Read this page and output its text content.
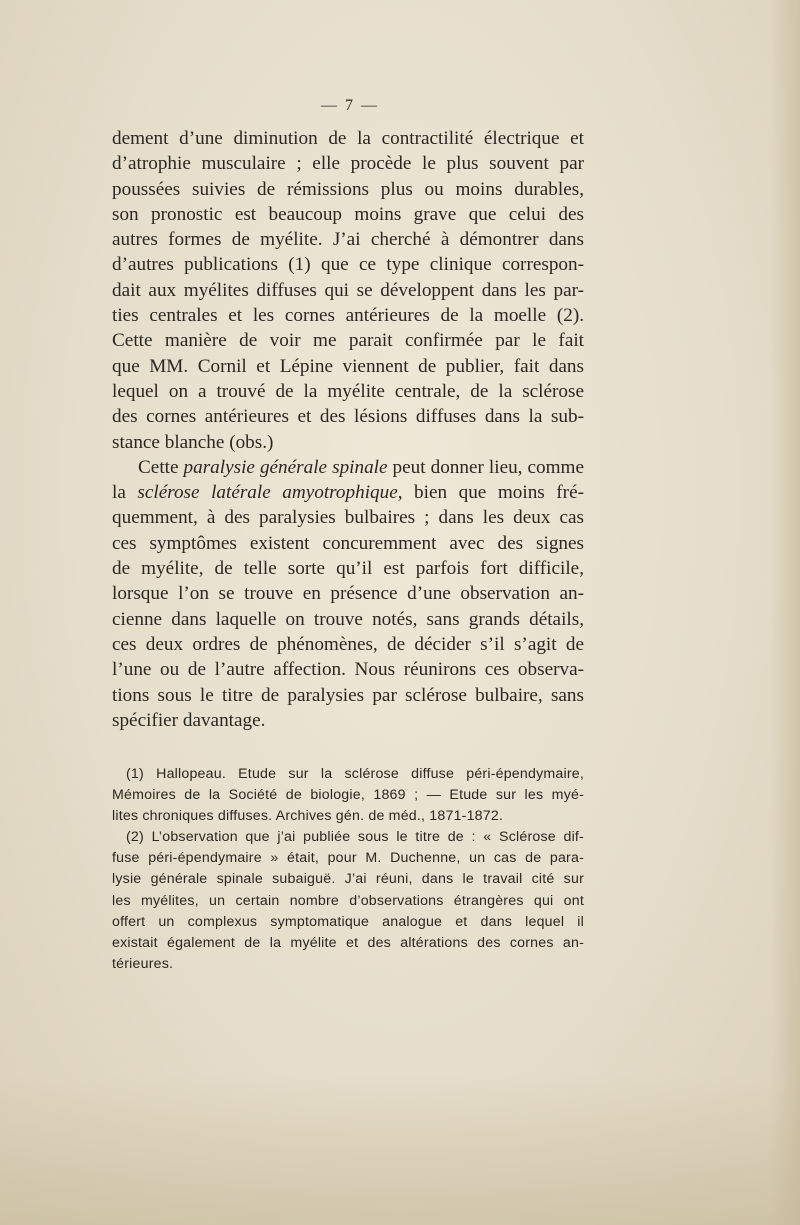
— 7 —

dement d’une diminution de la contractilité électrique et
d’atrophie musculaire ; elle procède le plus souvent par
poussées suivies de rémissions plus ou moins durables,
son pronostic est beaucoup moins grave que celui des
autres formes de myélite. J’ai cherché à démontrer dans
d’autres publications (1) que ce type clinique correspon-
dait aux myélites diffuses qui se développent dans les par-
ties centrales et les cornes antérieures de la moelle (2).
Cette manière de voir me parait confirmée par le fait
que MM. Cornil et Lépine viennent de publier, fait dans
lequel on a trouvé de la myélite centrale, de la sclérose
des cornes antérieures et des lésions diffuses dans la sub-
stance blanche (obs.)

Cette paralysie générale spinale peut donner lieu, comme
la sclérose latérale amyotrophique, bien que moins fré-
quemment, à des paralysies bulbaires ; dans les deux cas
ces symptômes existent concuremment avec des signes
de myélite, de telle sorte qu’il est parfois fort difficile,
lorsque l’on se trouve en présence d’une observation an-
cienne dans laquelle on trouve notés, sans grands détails,
ces deux ordres de phénomènes, de décider s’il s’agit de
l’une ou de l’autre affection. Nous réunirons ces observa-
tions sous le titre de paralysies par sclérose bulbaire, sans
spécifier davantage.

(1) Hallopeau. Etude sur la sclérose diffuse péri-épendymaire,
Mémoires de la Société de biologie, 1869 ; — Etude sur les myé-
lites chroniques diffuses. Archives gén. de méd., 1871-1872.

(2) L’observation que j’ai publiée sous le titre de : « Sclérose dif-
fuse péri-épendymaire » était, pour M. Duchenne, un cas de para-
lysie générale spinale subaiguë. J’ai réuni, dans le travail cité sur
les myélites, un certain nombre d’observations étrangères qui ont
offert un complexus symptomatique analogue et dans lequel il
existait également de la myélite et des altérations des cornes an-
térieures.
